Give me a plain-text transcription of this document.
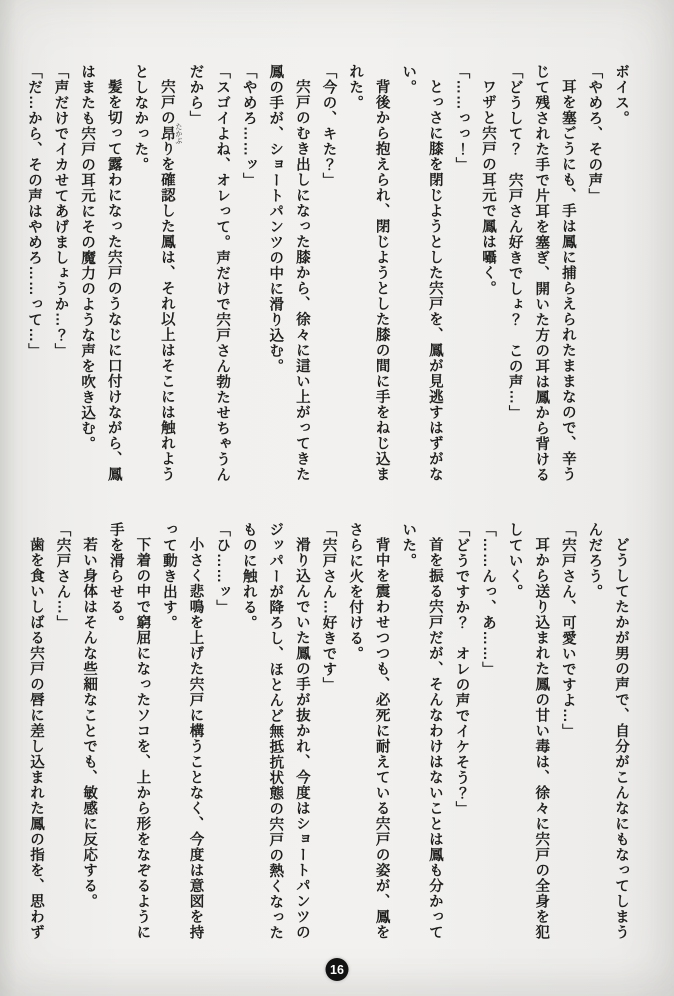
ボイス。

「やめろ、その声」

耳を塞ごうにも、手は鳳に捕らえられたままなので、辛う

じて残された手で片耳を塞ぎ、開いた方の耳は鳳から背ける

「どうして？　宍戸さん好きでしょ？　この声…」

ワザと宍戸の耳元で鳳は囁く。

「……っっ！」

とっさに膝を閉じようとした宍戸を、鳳が見逃すはずがな

い。

背後から抱えられ、閉じようとした膝の間に手をねじ込ま

れた。

「今の、キた？」

宍戸のむき出しになった膝から、徐々に這い上がってきた

鳳の手が、ショートパンツの中に滑り込む。

「やめろ……ッ」

「スゴイよね、オレって。声だけで宍戸さん勃たせちゃうん

だから」

宍戸の昂 たかぶりを確認した鳳は、それ以上はそこには触れよう

としなかった。

髪を切って露わになった宍戸のうなじに口付けながら、鳳

はまたも宍戸の耳元にその魔力のような声を吹き込む。

「声だけでイカせてあげましょうか…？」

「だ…から、その声はやめろ……って…」

どうしてたかが男の声で、自分がこんなにもなってしまう

んだろう。

「宍戸さん、可愛いですよ…」

耳から送り込まれた鳳の甘い毒は、徐々に宍戸の全身を犯

していく。

「……んっ、あ……」

「どうですか？　オレの声でイケそう？」

首を振る宍戸だが、そんなわけはないことは鳳も分かって

いた。

背中を震わせつつも、必死に耐えている宍戸の姿が、鳳を

さらに火を付ける。

「宍戸さん…好きです」

滑り込んでいた鳳の手が抜かれ、今度はショートパンツの

ジッパーが降ろし、ほとんど無抵抗状態の宍戸の熱くなった

ものに触れる。

「ひ……ッ」

小さく悲鳴を上げた宍戸に構うことなく、今度は意図を持

って動き出す。

下着の中で窮屈になったソコを、上から形をなぞるように

手を滑らせる。

若い身体はそんな些細なことでも、敏感に反応する。

「宍戸さん…」

歯を食いしばる宍戸の唇に差し込まれた鳳の指を、思わず

16
